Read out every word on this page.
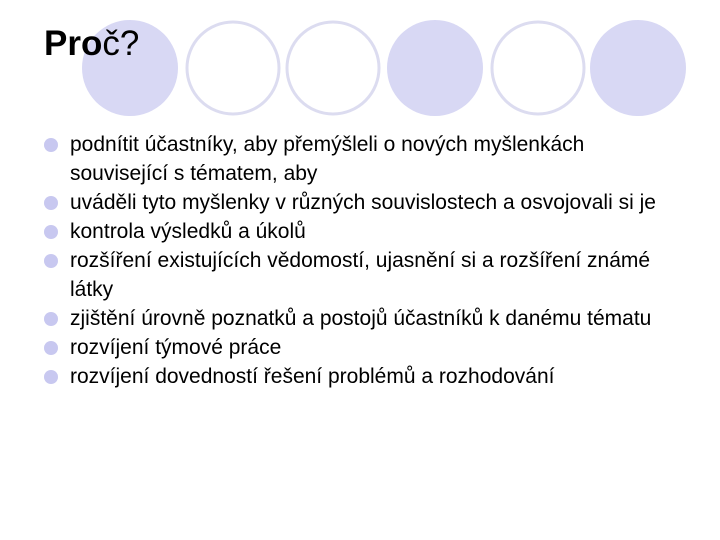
Proč?
podnítit účastníky, aby přemýšleli o nových myšlenkách související s tématem, aby
uváděli tyto myšlenky v různých souvislostech a osvojovali si je
kontrola výsledků a úkolů
rozšíření existujících vědomostí, ujasnění si a rozšíření známé látky
zjištění úrovně poznatků a postojů účastníků k danému tématu
rozvíjení týmové práce
rozvíjení dovedností řešení problémů a rozhodování
